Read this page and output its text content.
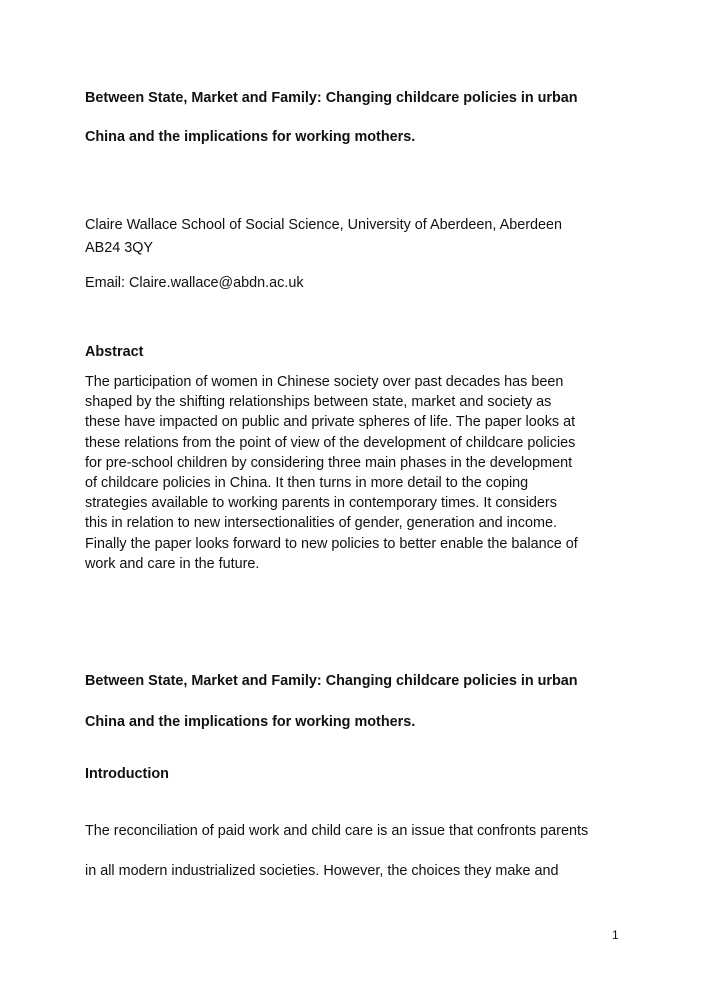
Between State, Market and Family: Changing childcare policies in urban

China and the implications for working mothers.

Claire Wallace School of Social Science, University of Aberdeen, Aberdeen

AB24 3QY

Email: Claire.wallace@abdn.ac.uk

Abstract

The participation of women in Chinese society over past decades has been
shaped by the shifting relationships between state, market and society as
these have impacted on public and private spheres of life. The paper looks at
these relations from the point of view of the development of childcare policies
for pre-school children by considering three main phases in the development
of childcare policies in China. It then turns in more detail to the coping
strategies available to working parents in contemporary times. It considers
this in relation to new intersectionalities of gender, generation and income.
Finally the paper looks forward to new policies to better enable the balance of
work and care in the future.

Between State, Market and Family: Changing childcare policies in urban

China and the implications for working mothers.

Introduction

The reconciliation of paid work and child care is an issue that confronts parents

in all modern industrialized societies. However, the choices they make and

1
